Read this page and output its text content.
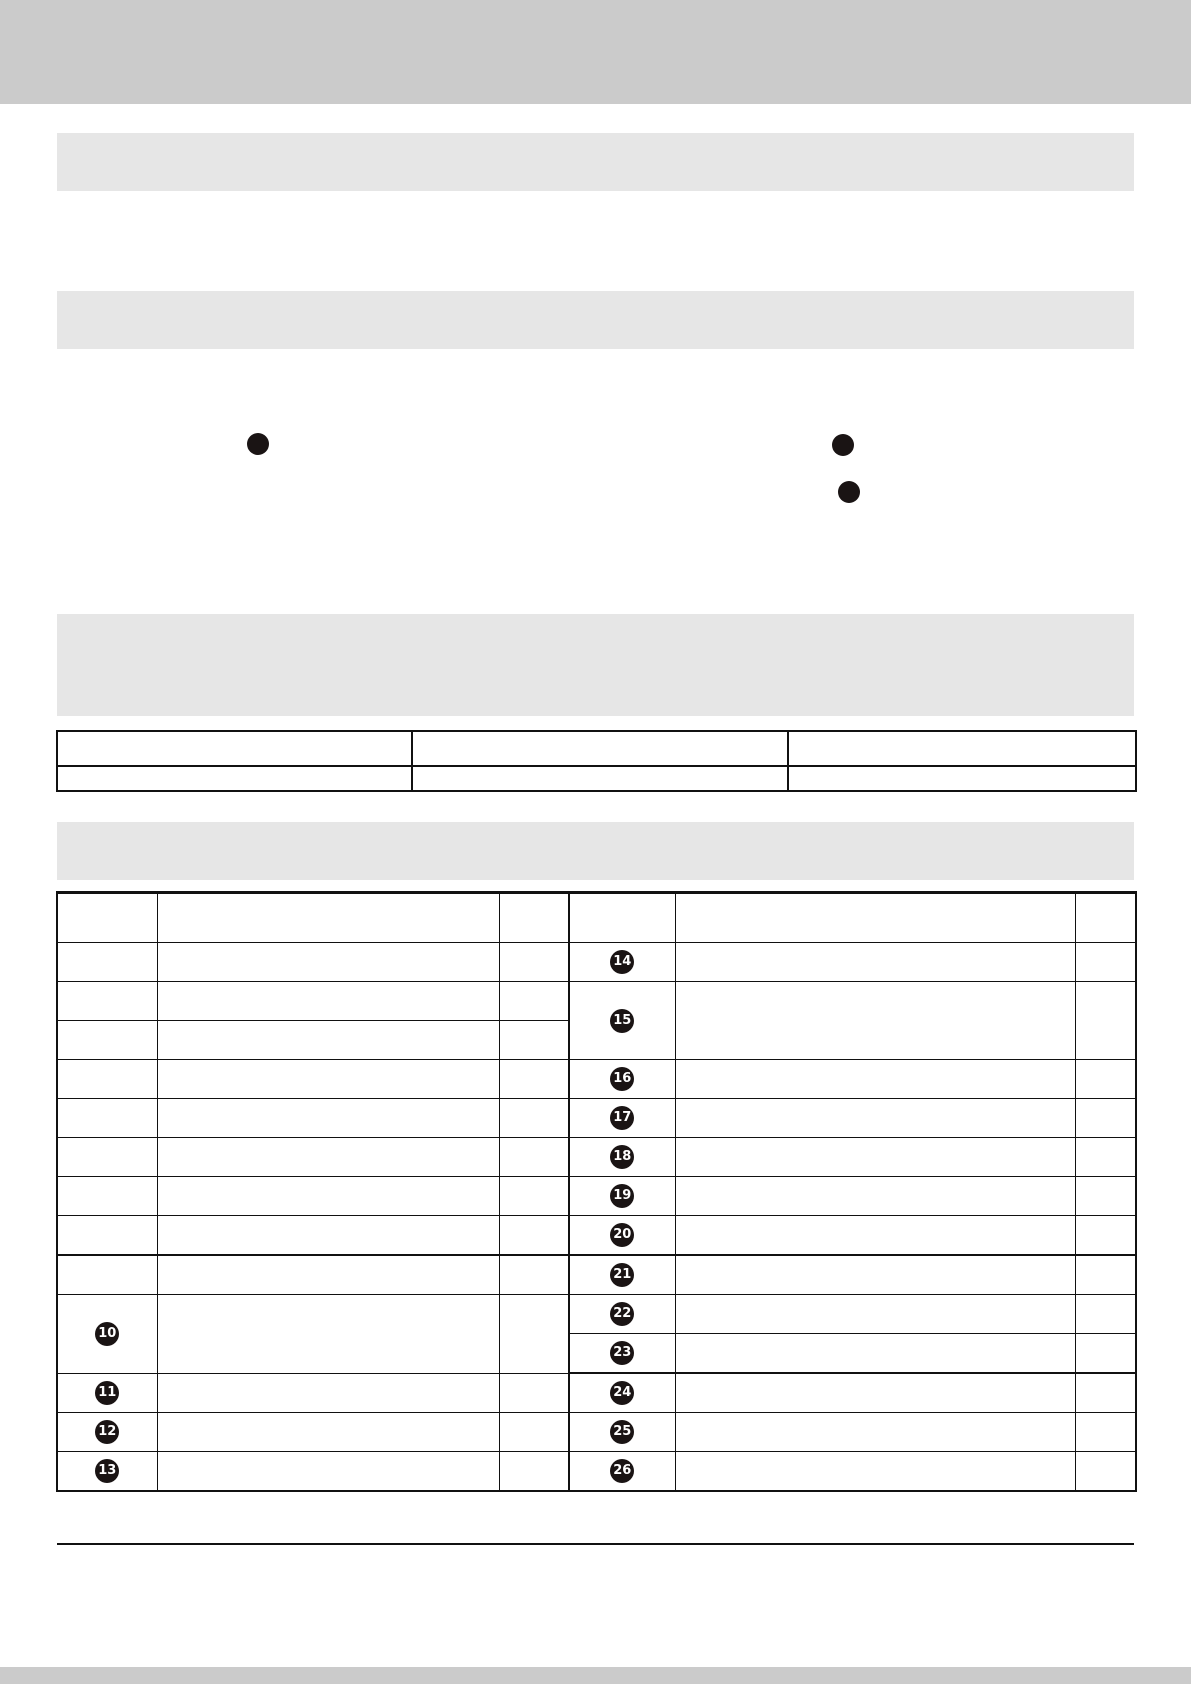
			14		
			15		

			16		
			17		
			18		
			19		
			20		
			21		
10			22		
			23		
11			24		
12			25		
13			26		
